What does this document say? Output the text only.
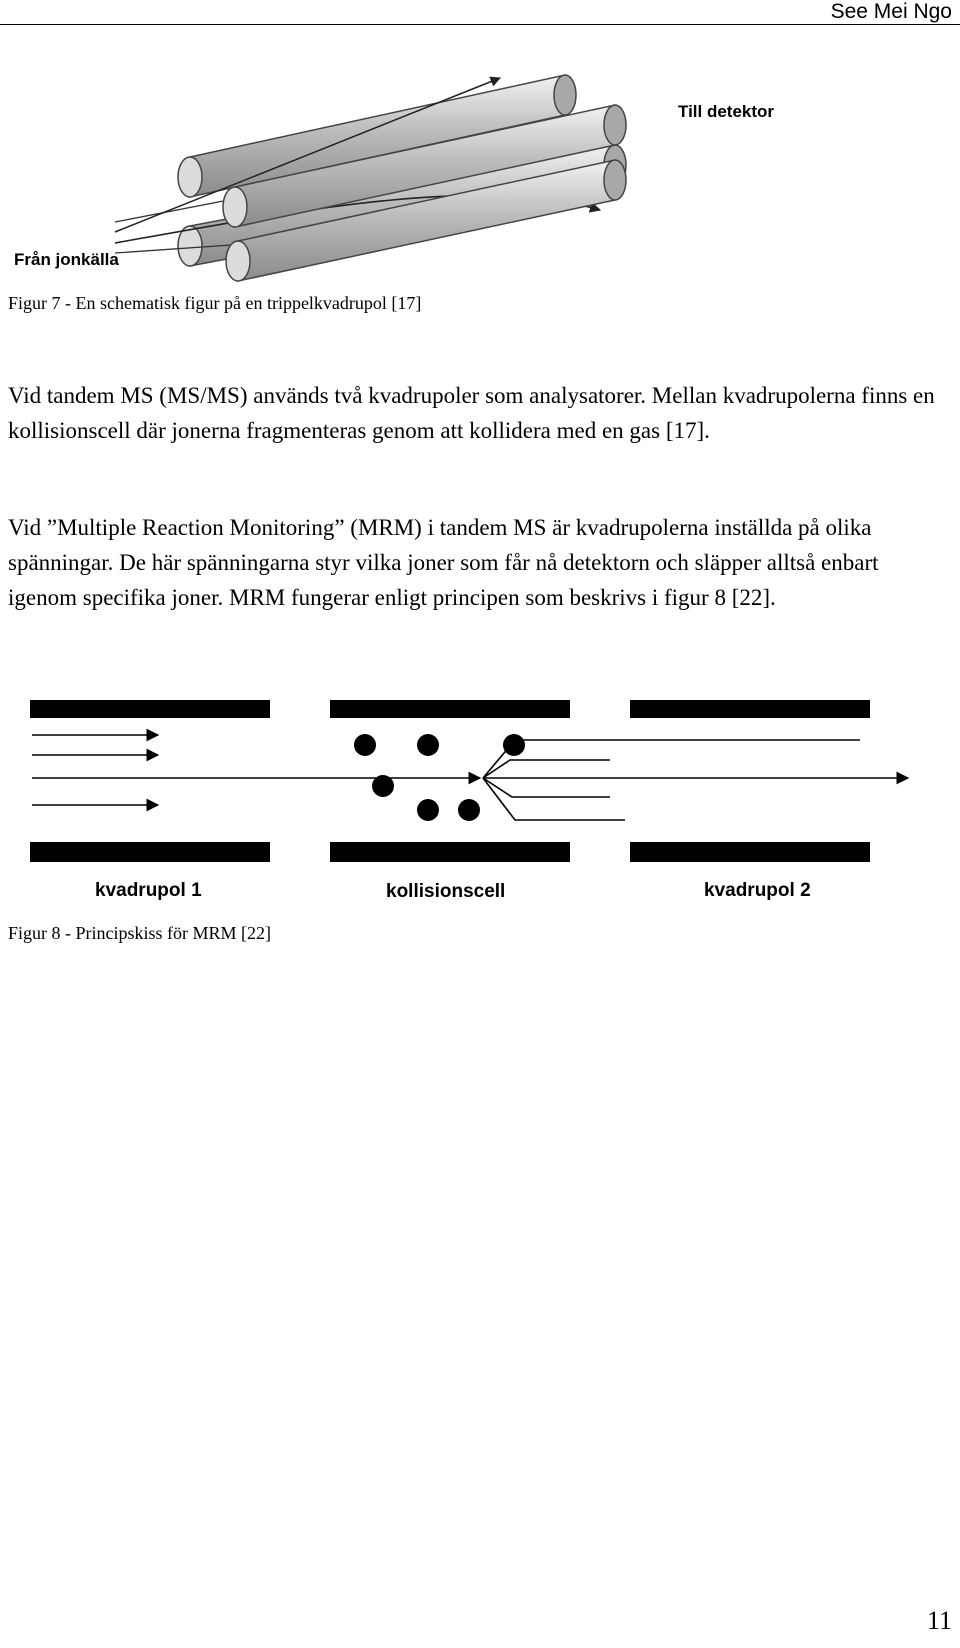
See Mei Ngo
Till detektor
Från jonkälla
Figur 7 - En schematisk figur på en trippelkvadrupol [17]

Vid tandem MS (MS/MS) används två kvadrupoler som analysatorer. Mellan kvadrupolerna finns en kollisionscell där jonerna fragmenteras genom att kollidera med en gas [17].

Vid ”Multiple Reaction Monitoring” (MRM) i tandem MS är kvadrupolerna inställda på olika spänningar. De här spänningarna styr vilka joner som får nå detektorn och släpper alltså enbart igenom specifika joner. MRM fungerar enligt principen som beskrivs i figur 8 [22].

kvadrupol 1	kollisionscell	kvadrupol 2
Figur 8 - Principskiss för MRM [22]
11
